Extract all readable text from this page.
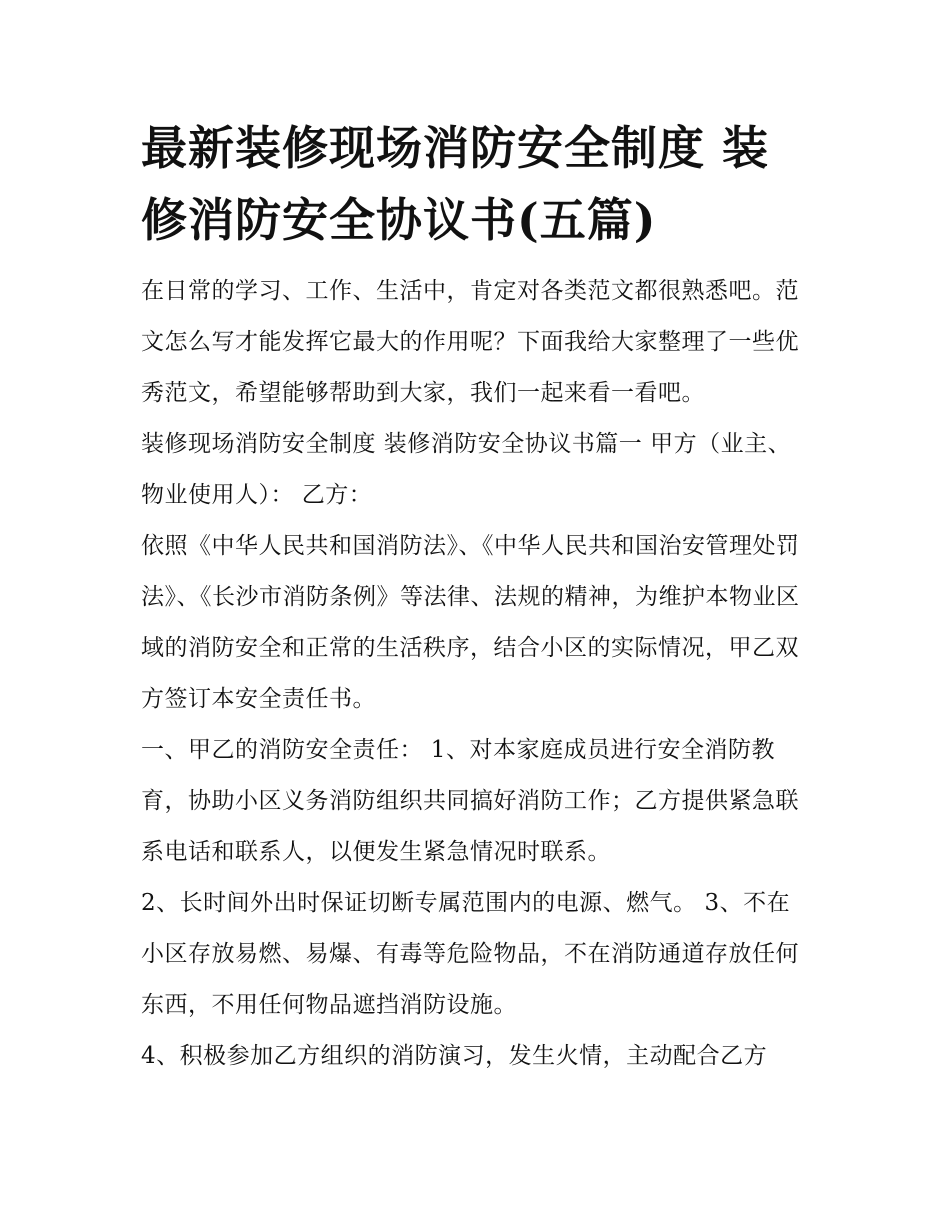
最新装修现场消防安全制度 装修消防安全协议书(五篇)

在日常的学习、工作、生活中，肯定对各类范文都很熟悉吧。范文怎么写才能发挥它最大的作用呢？下面我给大家整理了一些优秀范文，希望能够帮助到大家，我们一起来看一看吧。

装修现场消防安全制度 装修消防安全协议书篇一 甲方（业主、物业使用人）： 乙方：

依照《中华人民共和国消防法》、《中华人民共和国治安管理处罚法》、《长沙市消防条例》等法律、法规的精神，为维护本物业区域的消防安全和正常的生活秩序，结合小区的实际情况，甲乙双方签订本安全责任书。

一、甲乙的消防安全责任： 1、对本家庭成员进行安全消防教育，协助小区义务消防组织共同搞好消防工作；乙方提供紧急联系电话和联系人，以便发生紧急情况时联系。

2、长时间外出时保证切断专属范围内的电源、燃气。 3、不在小区存放易燃、易爆、有毒等危险物品，不在消防通道存放任何东西，不用任何物品遮挡消防设施。

4、积极参加乙方组织的消防演习，发生火情，主动配合乙方
